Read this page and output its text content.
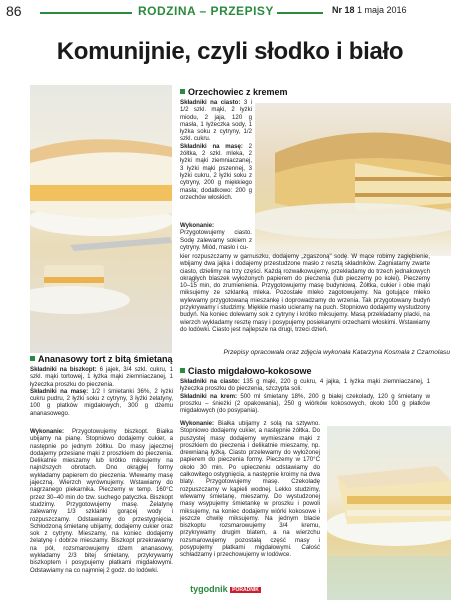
86	RODZINA – PRZEPISY	Nr 18 1 maja 2016
Komunijnie, czyli słodko i biało
Orzechowiec z kremem

Składniki na ciasto: 3 i 1/2 szkl. mąki, 2 łyżki miodu, 2 jaja, 120 g masła, 1 łyżeczka sody, 1 łyżka soku z cytryny, 1/2 szkl. cukru.
Składniki na masę: 2 żółtka, 2 szkl. mleka, 2 łyżki mąki ziemniaczanej, 3 łyżki mąki pszennej, 3 łyżki cukru, 2 łyżki soku z cytryny, 200 g miękkiego masła; dodatkowo: 200 g orzechów włoskich.

Wykonanie: Przygotowujemy ciasto. Sodę zalewamy sokiem z cytryny. Miód, masło i cu-

kier rozpuszczamy w garnuszku, dodajemy „zgaszoną" sodę. W mące robimy zagłębienie, wbijamy dwa jajka i dodajemy przestudzone masło z resztą składników. Zagniatamy zwarte ciasto, dzielimy na trzy części. Każdą rozwałkowujemy, przekładamy do trzech jednakowych okrągłych blaszek wyłożonych papierem do pieczenia (lub pieczemy po kolei). Pieczemy 10–15 min, do zrumienienia. Przygotowujemy masę budyniową. Żółtka, cukier i obie mąki miksujemy ze szklanką mleka. Pozostałe mleko zagotowujemy. Na gotujące mleko wylewamy przygotowaną mieszankę i doprowadzamy do wrzenia. Tak przygotowany budyń przykrywamy i studzimy. Miękkie masło ucieramy na puch. Stopniowo dodajemy wystudzony budyń. Na koniec dolewamy sok z cytryny i krótko miksujemy. Masą przekładamy placki, na wierzch wykładamy resztę masy i posypujemy posiekanymi orzechami włoskimi. Wstawiamy do lodówki. Ciasto jest najlepsze na drugi, trzeci dzień.

Przepisy opracowała oraz zdjęcia wykonała Katarzyna Kosmala z Czarnolasu
Ananasowy tort z bitą śmietaną

Składniki na biszkopt: 6 jajek, 3/4 szkl. cukru, 1 szkl. mąki tortowej, 1 łyżka mąki ziemniaczanej, 1 łyżeczka proszku do pieczenia.
Składniki na masę: 1/2 l śmietanki 36%, 2 łyżki cukru pudru, 2 łyżki soku z cytryny, 3 łyżki żelatyny, 100 g płatków migdałowych, 300 g dżemu ananasowego.

Wykonanie: Przygotowujemy biszkopt. Białka ubijamy na pianę. Stopniowo dodajemy cukier, a następnie po jednym żółtku. Do masy jajecznej dodajemy przesiane mąki z proszkiem do pieczenia. Delikatnie mieszamy lub krótko miksujemy na najniższych obrotach. Dno okrągłej formy wykładamy papierem do pieczenia. Wlewamy masę jajeczną. Wierzch wyrównujemy. Wstawiamy do nagrzanego piekarnika. Pieczemy w temp. 160°C przez 30–40 min do tzw. suchego patyczka. Biszkopt studzimy. Przygotowujemy masę. Żelatynę zalewamy 1/3 szklanki gorącej wody i rozpuszczamy. Odstawiamy do przestygnięcia. Schłodzoną śmietanę ubijamy, dodajemy cukier oraz sok z cytryny. Mieszamy, na koniec dodajemy żelatynę i dobrze mieszamy. Biszkopt przekrawamy na pół, rozsmarowujemy dżem ananasowy, wykładamy 2/3 bitej śmietany, przykrywamy biszkoptem i posypujemy płatkami migdałowymi. Odstawiamy na co najmniej 2 godz. do lodówki.

Ciasto migdałowo-kokosowe

Składniki na ciasto: 135 g mąki, 220 g cukru, 4 jajka, 1 łyżka mąki ziemniaczanej, 1 łyżeczka proszku do pieczenia, szczypta soli.
Składniki na krem: 500 ml śmietany 18%, 200 g białej czekolady, 120 g śmietany w proszku – śnieżki (2 opakowania), 250 g wiórków kokosowych, około 100 g płatków migdałowych (do posypania).

Wykonanie: Białka ubijamy z solą na sztywno. Stopniowo dodajemy cukier, a następnie żółtka. Do puszystej masy dodajemy wymieszane mąki z proszkiem do pieczenia i delikatnie mieszamy, np. drewnianą łyżką. Ciasto przelewamy do wyłożonej papierem do pieczenia formy. Pieczemy w 170°C około 30 min. Po upieczeniu odstawiamy do całkowitego ostygnięcia, a następnie kroimy na dwa blaty. Przygotowujemy masę. Czekoladę rozpuszczamy w kąpieli wodnej. Lekko studzimy, wlewamy śmietanę, mieszamy. Do wystudzonej masy wsypujemy śmietankę w proszku i powoli miksujemy, na koniec dodajemy wiórki kokosowe i jeszcze chwilę miksujemy. Na jednym blacie biszkoptu rozsmarowujemy 3/4 kremu, przykrywamy drugim blatem, a na wierzchu rozsmarowujemy pozostałą część masy i posypujemy płatkami migdałowymi. Całość schładzamy i przechowujemy w lodówce.

tygodnik PORADNIK
